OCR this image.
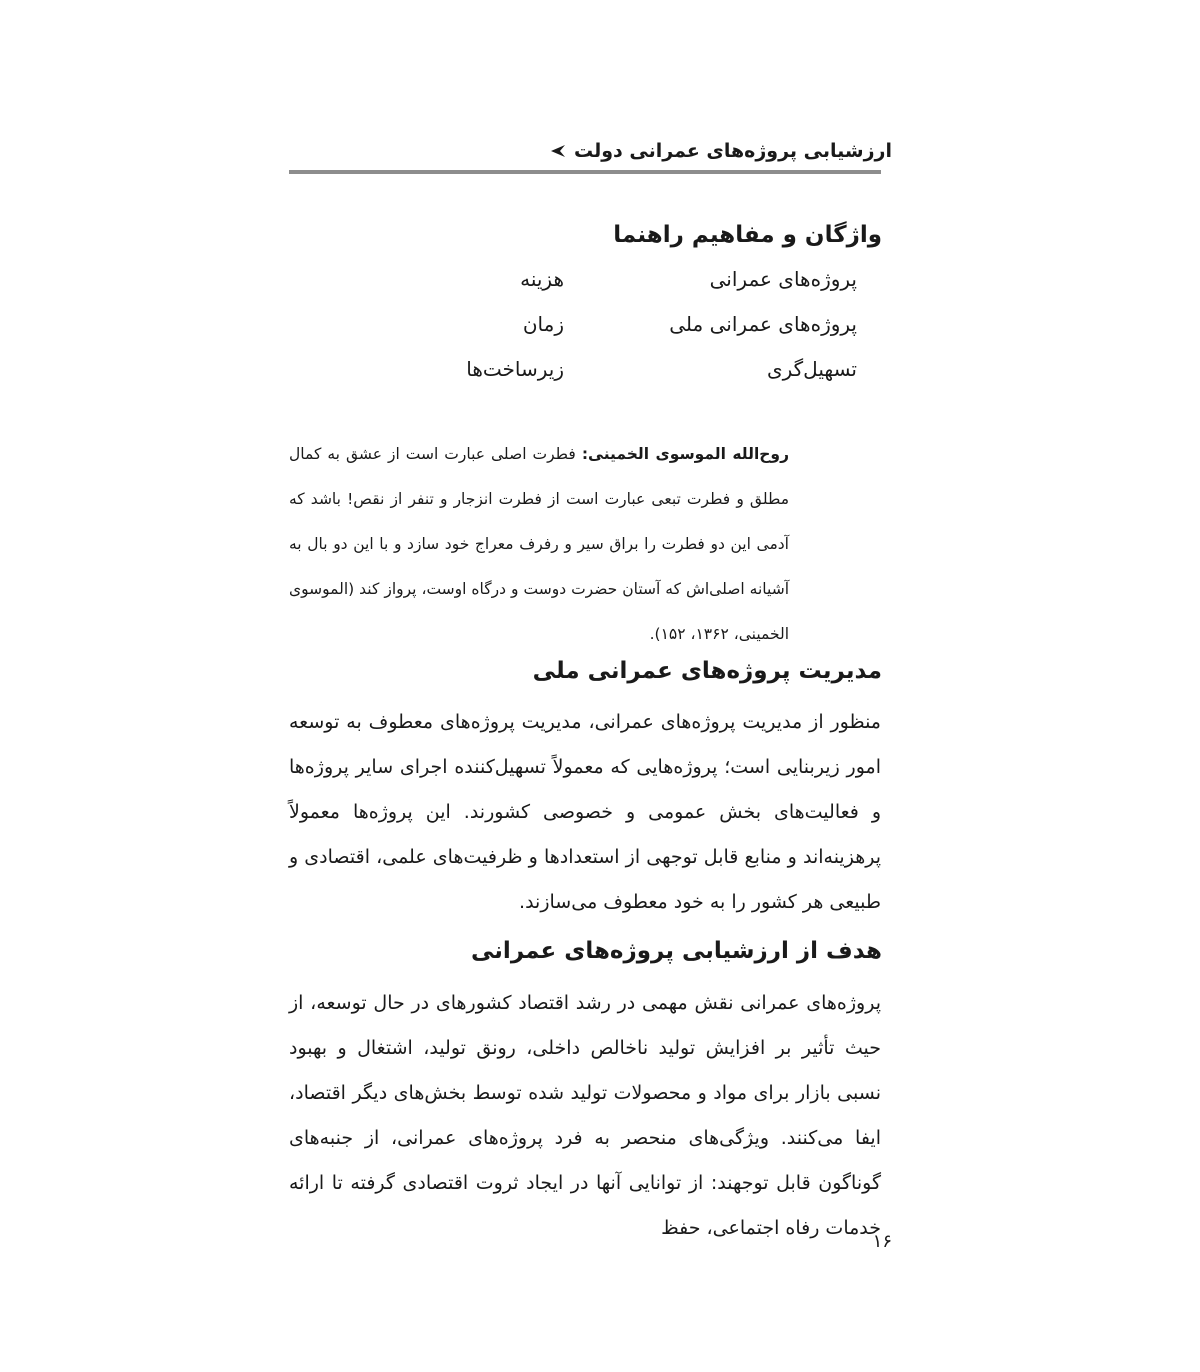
ارزشیابی پروژه‌های عمرانی دولت
واژگان و مفاهیم راهنما
پروژه‌های عمرانی
پروژه‌های عمرانی ملی
تسهیل‌گری
هزینه
زمان
زیرساخت‌ها
روح‌الله الموسوی الخمینی: فطرت اصلی عبارت است از عشق به کمال مطلق و فطرت تبعی عبارت است از فطرت انزجار و تنفر از نقص! باشد که آدمی این دو فطرت را براق سیر و رفرف معراج خود سازد و با این دو بال به آشیانه اصلی‌اش که آستان حضرت دوست و درگاه اوست، پرواز کند (الموسوی الخمینی، ۱۳۶۲، ۱۵۲).
مدیریت پروژه‌های عمرانی ملی
منظور از مدیریت پروژه‌های عمرانی، مدیریت پروژه‌های معطوف به توسعه امور زیربنایی است؛ پروژه‌هایی که معمولاً تسهیل‌کننده اجرای سایر پروژه‌ها و فعالیت‌های بخش عمومی و خصوصی کشورند. این پروژه‌ها معمولاً پرهزینه‌اند و منابع قابل توجهی از استعدادها و ظرفیت‌های علمی، اقتصادی و طبیعی هر کشور را به خود معطوف می‌سازند.
هدف از ارزشیابی پروژه‌های عمرانی
پروژه‌های عمرانی نقش مهمی در رشد اقتصاد کشورهای در حال توسعه، از حیث تأثیر بر افزایش تولید ناخالص داخلی، رونق تولید، اشتغال و بهبود نسبی بازار برای مواد و محصولات تولید شده توسط بخش‌های دیگر اقتصاد، ایفا می‌کنند. ویژگی‌های منحصر به فرد پروژه‌های عمرانی، از جنبه‌های گوناگون قابل توجهند: از توانایی آنها در ایجاد ثروت اقتصادی گرفته تا ارائه خدمات رفاه اجتماعی، حفظ
۱۶
